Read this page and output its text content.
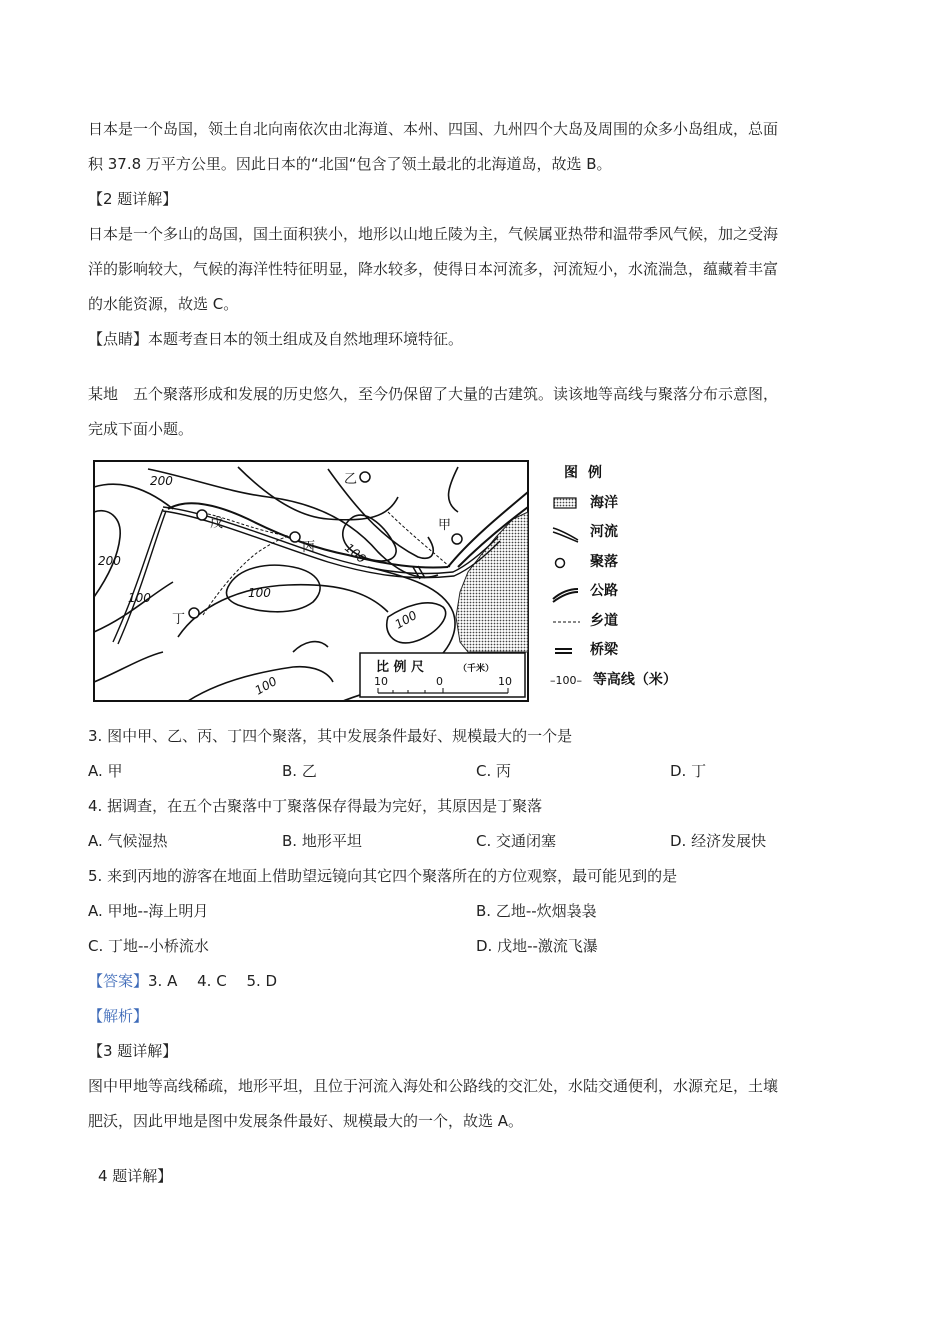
日本是一个岛国，领土自北向南依次由北海道、本州、四国、九州四个大岛及周围的众多小岛组成，总面
积 37.8 万平方公里。因此日本的“北国“包含了领土最北的北海道岛，故选 B。
【2 题详解】
日本是一个多山的岛国，国土面积狭小，地形以山地丘陵为主，气候属亚热带和温带季风气候，加之受海
洋的影响较大，气候的海洋性特征明显，降水较多，使得日本河流多，河流短小，水流湍急，蕴藏着丰富
的水能资源，故选 C。
【点睛】本题考查日本的领土组成及自然地理环境特征。
某地　五个聚落形成和发展的历史悠久，至今仍保留了大量的古建筑。读该地等高线与聚落分布示意图，
完成下面小题。
甲
乙
丙
丁
戊
200
200
100	100
100
100
100
比 例 尺	（千米）
10	0	10
图例
海洋
河流
聚落
公路
乡道
桥梁
–100– 等高线（米）
3. 图中甲、乙、丙、丁四个聚落，其中发展条件最好、规模最大的一个是
A. 甲	B. 乙	C. 丙	D. 丁
4. 据调查，在五个古聚落中丁聚落保存得最为完好，其原因是丁聚落
A. 气候湿热	B. 地形平坦	C. 交通闭塞	D. 经济发展快
5. 来到丙地的游客在地面上借助望远镜向其它四个聚落所在的方位观察，最可能见到的是
A. 甲地--海上明月	B. 乙地--炊烟袅袅
C. 丁地--小桥流水	D. 戊地--激流飞瀑
【答案】3. A　 4. C　 5. D
【解析】
【3 题详解】
图中甲地等高线稀疏，地形平坦，且位于河流入海处和公路线的交汇处，水陆交通便利，水源充足，土壤
肥沃，因此甲地是图中发展条件最好、规模最大的一个，故选 A。
4 题详解】
